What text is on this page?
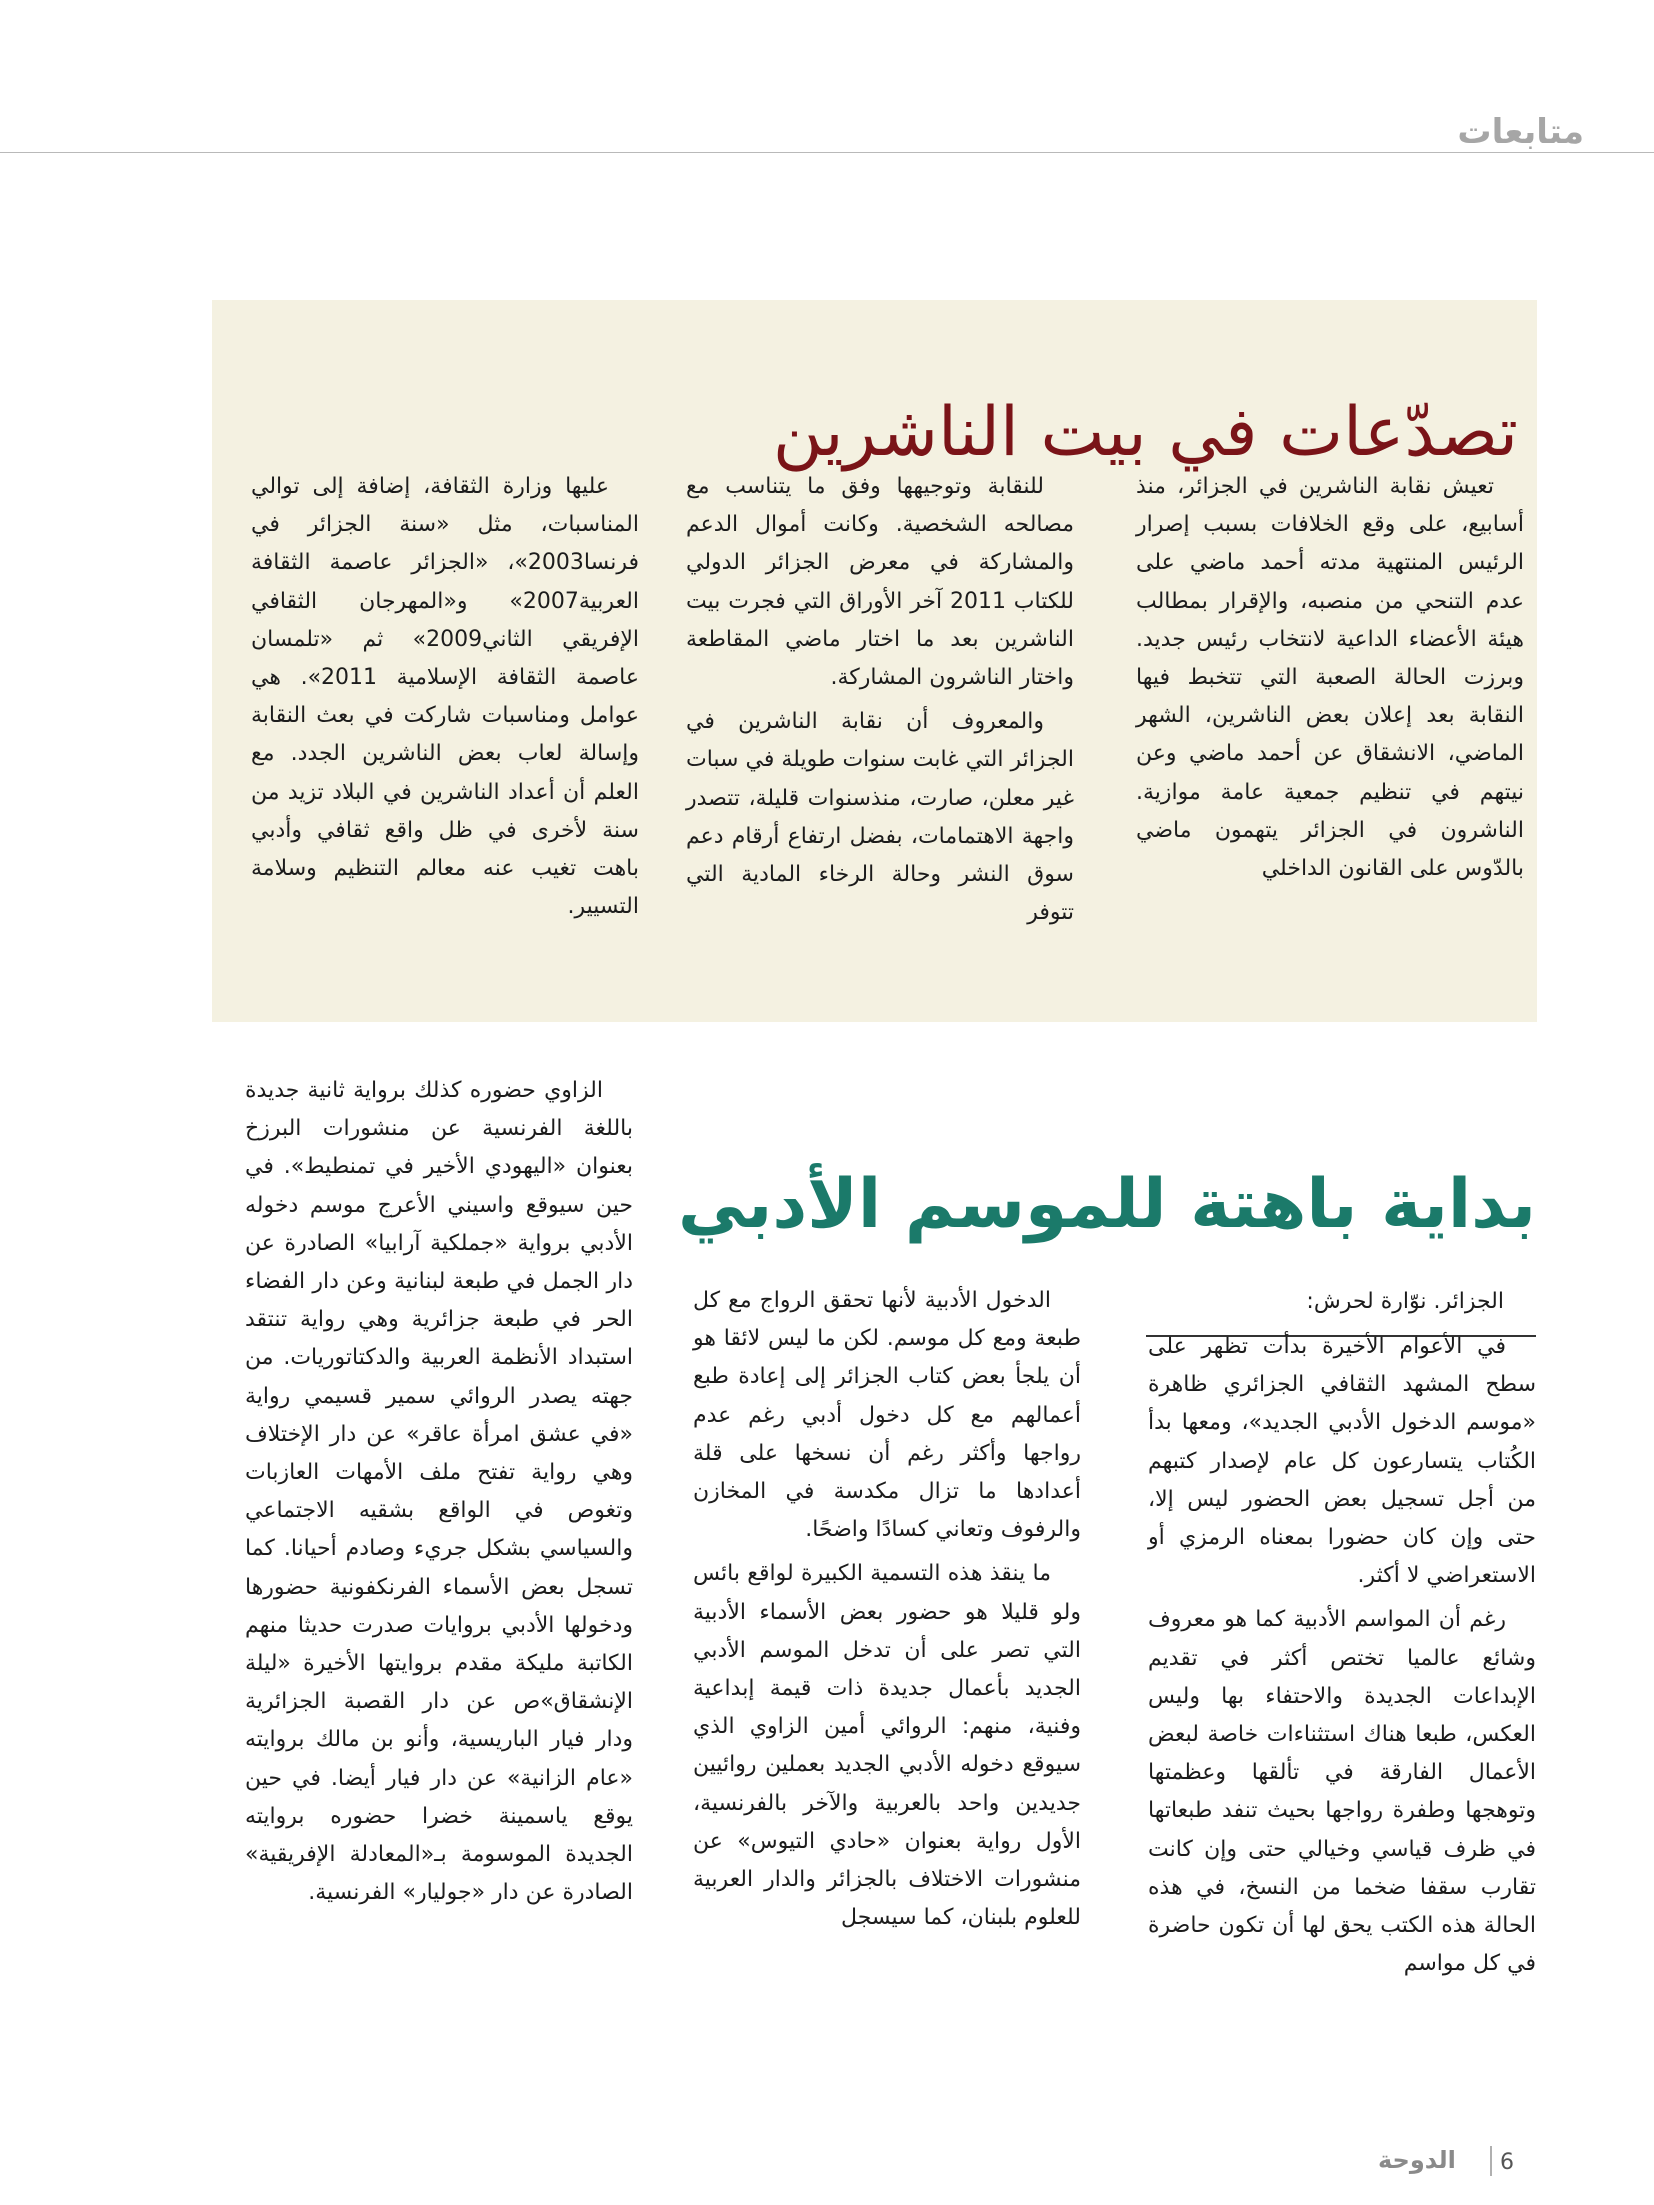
متابعات
تصدّعات في بيت الناشرين

تعيش نقابة الناشرين في الجزائر، منذ أسابيع، على وقع الخلافات بسبب إصرار الرئيس المنتهية مدته أحمد ماضي على عدم التنحي من منصبه، والإقرار بمطالب هيئة الأعضاء الداعية لانتخاب رئيس جديد. وبرزت الحالة الصعبة التي تتخبط فيها النقابة بعد إعلان بعض الناشرين، الشهر الماضي، الانشقاق عن أحمد ماضي وعن نيتهم في تنظيم جمعية عامة موازية. الناشرون في الجزائر يتهمون ماضي بالدّوس على القانون الداخلي

للنقابة وتوجيهها وفق ما يتناسب مع مصالحه الشخصية. وكانت أموال الدعم والمشاركة في معرض الجزائر الدولي للكتاب 2011 آخر الأوراق التي فجرت بيت الناشرين بعد ما اختار ماضي المقاطعة واختار الناشرون المشاركة.

والمعروف أن نقابة الناشرين في الجزائر التي غابت سنوات طويلة في سبات غير معلن، صارت، منذسنوات قليلة، تتصدر واجهة الاهتمامات، بفضل ارتفاع أرقام دعم سوق النشر وحالة الرخاء المادية التي تتوفر

عليها وزارة الثقافة، إضافة إلى توالي المناسبات، مثل «سنة الجزائر في فرنسا2003»، «الجزائر عاصمة الثقافة العربية2007» و«المهرجان الثقافي الإفريقي الثاني2009» ثم «تلمسان عاصمة الثقافة الإسلامية 2011». هي عوامل ومناسبات شاركت في بعث النقابة وإسالة لعاب بعض الناشرين الجدد. مع العلم أن أعداد الناشرين في البلاد تزيد من سنة لأخرى في ظل واقع ثقافي وأدبي باهت تغيب عنه معالم التنظيم وسلامة التسيير.

بداية باهتة للموسم الأدبي
الجزائر. نوّارة لحرش:

في الأعوام الأخيرة بدأت تظهر على سطح المشهد الثقافي الجزائري ظاهرة «موسم الدخول الأدبي الجديد»، ومعها بدأ الكُتاب يتسارعون كل عام لإصدار كتبهم من أجل تسجيل بعض الحضور ليس إلا، حتى وإن كان حضورا بمعناه الرمزي أو الاستعراضي لا أكثر.

رغم أن المواسم الأدبية كما هو معروف وشائع عالميا تختص أكثر في تقديم الإبداعات الجديدة والاحتفاء بها وليس العكس، طبعا هناك استثناءات خاصة لبعض الأعمال الفارقة في تألقها وعظمتها وتوهجها وطفرة رواجها بحيث تنفد طبعاتها في ظرف قياسي وخيالي حتى وإن كانت تقارب سقفا ضخما من النسخ، في هذه الحالة هذه الكتب يحق لها أن تكون حاضرة في كل مواسم

الدخول الأدبية لأنها تحقق الرواج مع كل طبعة ومع كل موسم. لكن ما ليس لائقا هو أن يلجأ بعض كتاب الجزائر إلى إعادة طبع أعمالهم مع كل دخول أدبي رغم عدم رواجها وأكثر رغم أن نسخها على قلة أعدادها ما تزال مكدسة في المخازن والرفوف وتعاني كسادًا واضحًا.

ما ينقذ هذه التسمية الكبيرة لواقع بائس ولو قليلا هو حضور بعض الأسماء الأدبية التي تصر على أن تدخل الموسم الأدبي الجديد بأعمال جديدة ذات قيمة إبداعية وفنية، منهم: الروائي أمين الزاوي الذي سيوقع دخوله الأدبي الجديد بعملين روائيين جديدين واحد بالعربية والآخر بالفرنسية، الأول رواية بعنوان «حادي التيوس» عن منشورات الاختلاف بالجزائر والدار العربية للعلوم بلبنان، كما سيسجل

الزاوي حضوره كذلك برواية ثانية جديدة باللغة الفرنسية عن منشورات البرزخ بعنوان «اليهودي الأخير في تمنطيط». في حين سيوقع واسيني الأعرج موسم دخوله الأدبي برواية «جملكية آرابيا» الصادرة عن دار الجمل في طبعة لبنانية وعن دار الفضاء الحر في طبعة جزائرية وهي رواية تنتقد استبداد الأنظمة العربية والدكتاتوريات. من جهته يصدر الروائي سمير قسيمي رواية «في عشق امرأة عاقر» عن دار الإختلاف وهي رواية تفتح ملف الأمهات العازبات وتغوص في الواقع بشقيه الاجتماعي والسياسي بشكل جريء وصادم أحيانا. كما تسجل بعض الأسماء الفرنكفونية حضورها ودخولها الأدبي بروايات صدرت حديثا منهم الكاتبة مليكة مقدم بروايتها الأخيرة «ليلة الإنشقاق»ص عن دار القصبة الجزائرية ودار فيار الباريسية، وأنو بن مالك بروايته «عام الزانية» عن دار فيار أيضا. في حين يوقع ياسمينة خضرا حضوره بروايته الجديدة الموسومة بـ«المعادلة الإفريقية» الصادرة عن دار «جوليار» الفرنسية.

الدوحة 6
